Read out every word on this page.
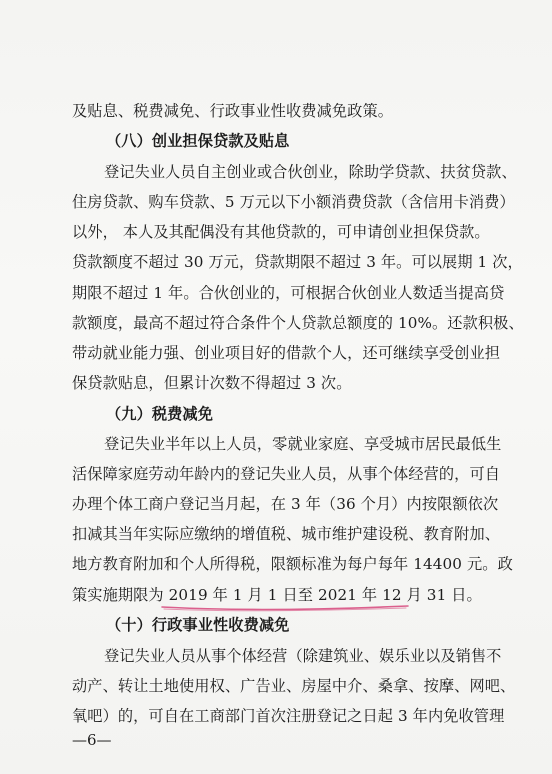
及贴息、税费减免、行政事业性收费减免政策。
（八）创业担保贷款及贴息
登记失业人员自主创业或合伙创业，除助学贷款、扶贫贷款、
住房贷款、购车贷款、5 万元以下小额消费贷款（含信用卡消费）
以外， 本人及其配偶没有其他贷款的，可申请创业担保贷款。
贷款额度不超过 30 万元，贷款期限不超过 3 年。可以展期 1 次，
期限不超过 1 年。合伙创业的，可根据合伙创业人数适当提高贷
款额度，最高不超过符合条件个人贷款总额度的 10%。还款积极、
带动就业能力强、创业项目好的借款个人，还可继续享受创业担
保贷款贴息，但累计次数不得超过 3 次。
（九）税费减免
登记失业半年以上人员，零就业家庭、享受城市居民最低生
活保障家庭劳动年龄内的登记失业人员，从事个体经营的，可自
办理个体工商户登记当月起，在 3 年（36 个月）内按限额依次
扣减其当年实际应缴纳的增值税、城市维护建设税、教育附加、
地方教育附加和个人所得税，限额标准为每户每年 14400 元。政
策实施期限为 2019 年 1 月 1 日至 2021 年 12 月 31 日。
（十）行政事业性收费减免
登记失业人员从事个体经营（除建筑业、娱乐业以及销售不
动产、转让土地使用权、广告业、房屋中介、桑拿、按摩、网吧、
氧吧）的，可自在工商部门首次注册登记之日起 3 年内免收管理
—6—
